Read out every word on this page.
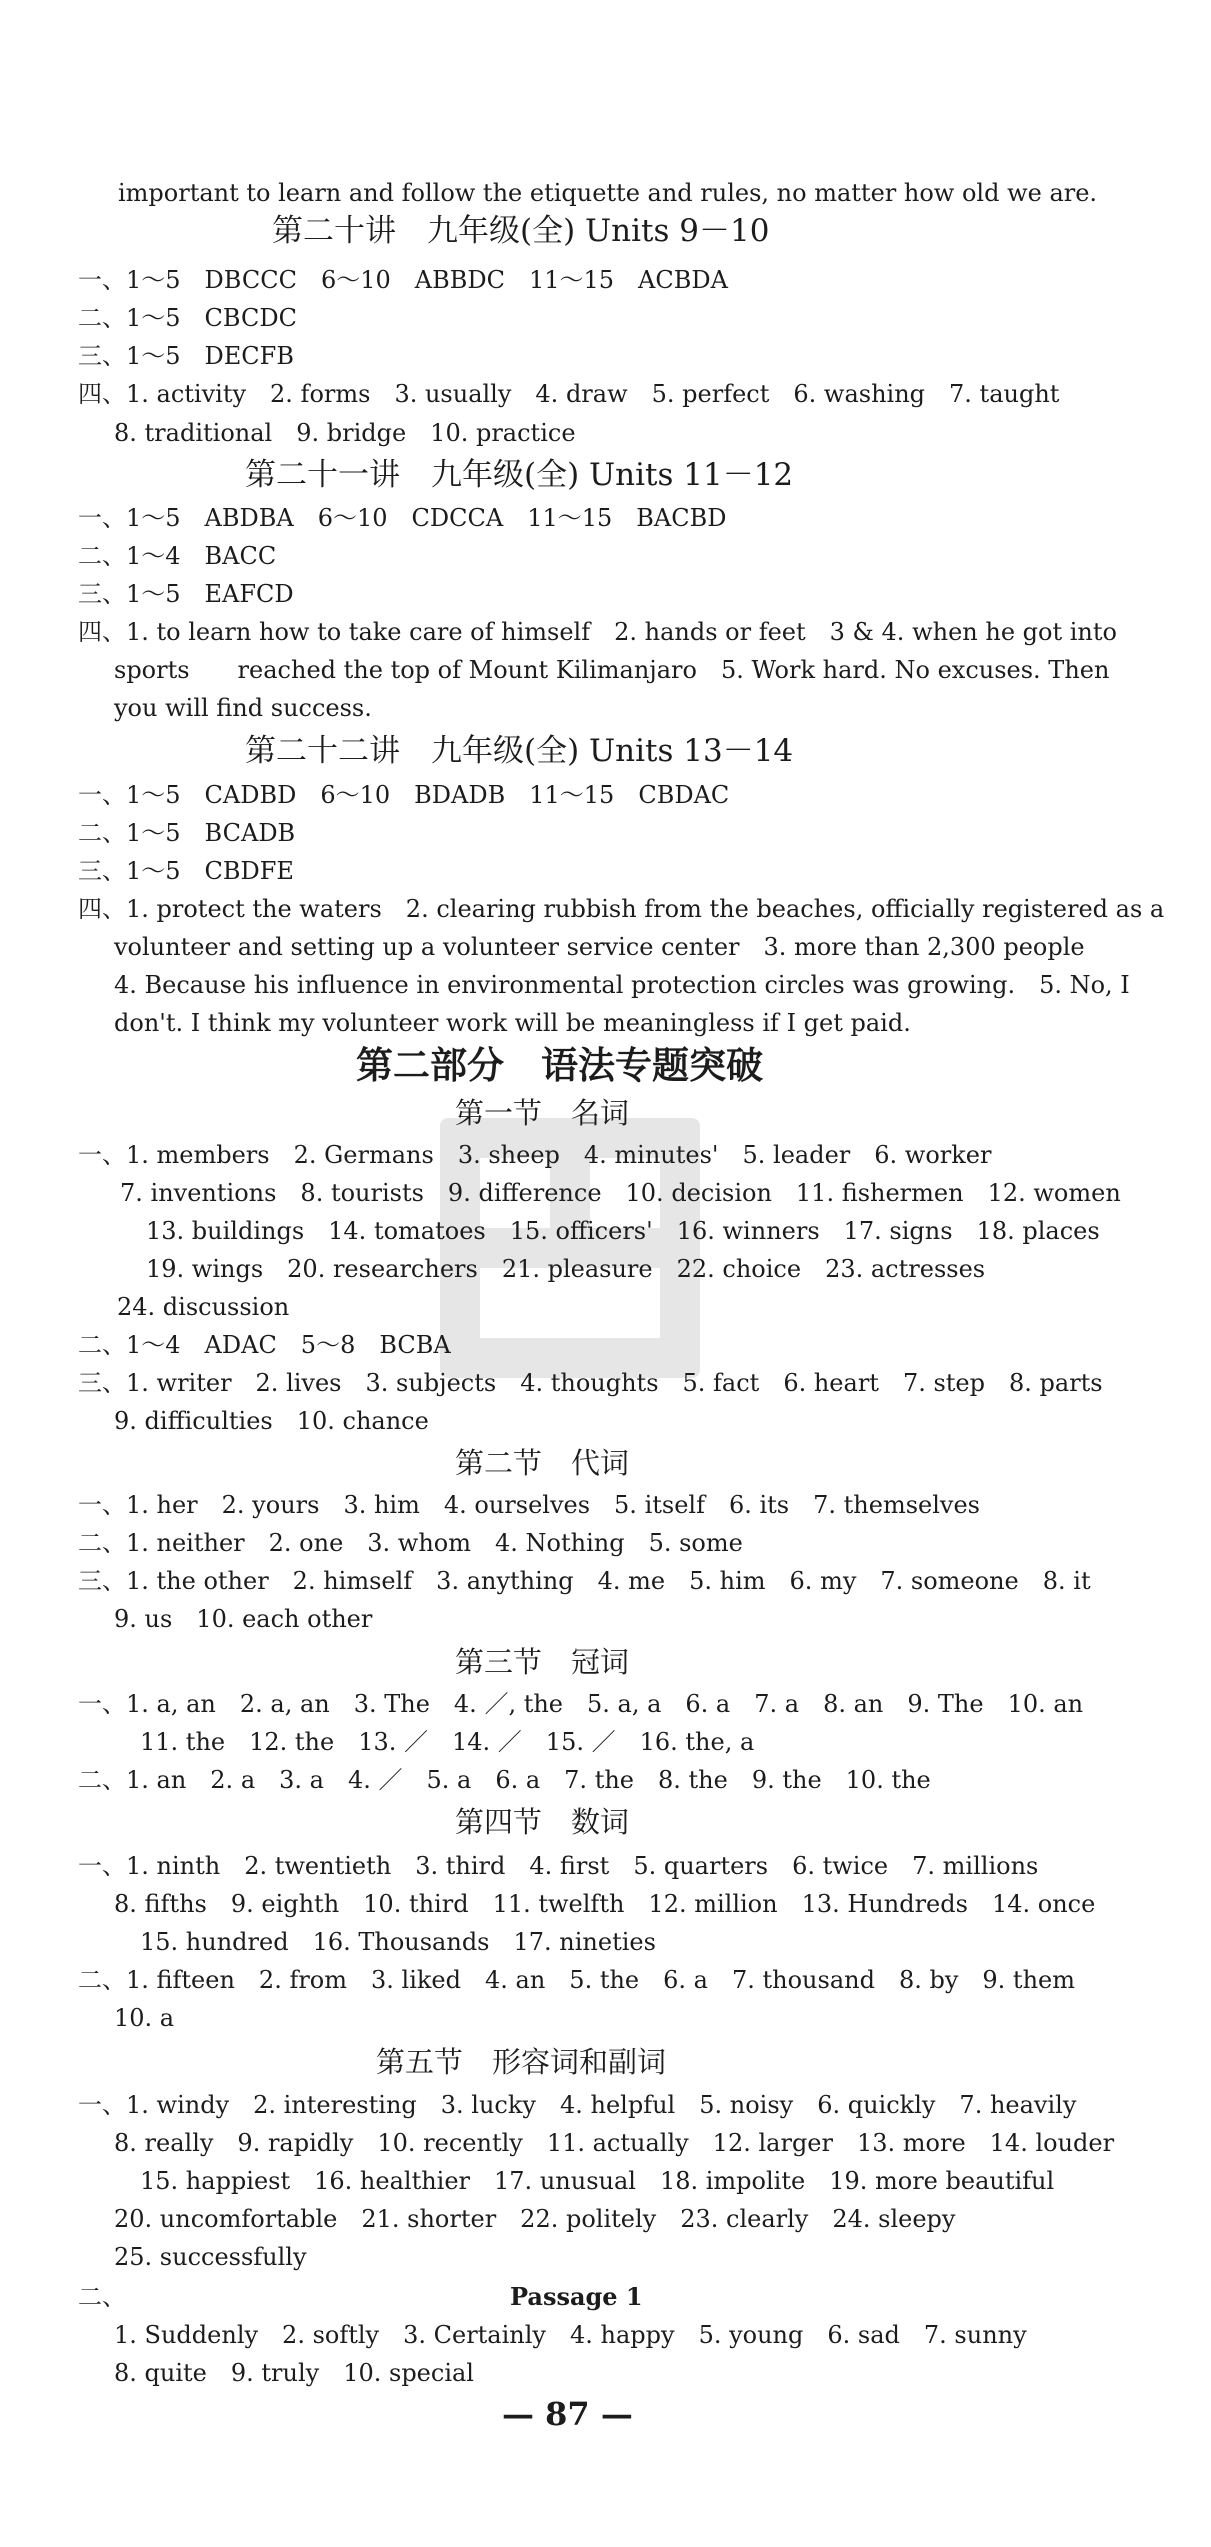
important to learn and follow the etiquette and rules, no matter how old we are.
第二十讲　九年级(全) Units 9－10
一、1～5　DBCCC　6～10　ABBDC　11～15　ACBDA
二、1～5　CBCDC
三、1～5　DECFB
四、1. activity　2. forms　3. usually　4. draw　5. perfect　6. washing　7. taught
8. traditional　9. bridge　10. practice
第二十一讲　九年级(全) Units 11－12
一、1～5　ABDBA　6～10　CDCCA　11～15　BACBD
二、1～4　BACC
三、1～5　EAFCD
四、1. to learn how to take care of himself　2. hands or feet　3 & 4. when he got into
sports　　reached the top of Mount Kilimanjaro　5. Work hard. No excuses. Then
you will find success.
第二十二讲　九年级(全) Units 13－14
一、1～5　CADBD　6～10　BDADB　11～15　CBDAC
二、1～5　BCADB
三、1～5　CBDFE
四、1. protect the waters　2. clearing rubbish from the beaches, officially registered as a
volunteer and setting up a volunteer service center　3. more than 2,300 people
4. Because his influence in environmental protection circles was growing.　5. No, I
don't. I think my volunteer work will be meaningless if I get paid.
第二部分　语法专题突破
第一节　名词
一、1. members　2. Germans　3. sheep　4. minutes'　5. leader　6. worker
7. inventions　8. tourists　9. difference　10. decision　11. fishermen　12. women
13. buildings　14. tomatoes　15. officers'　16. winners　17. signs　18. places
19. wings　20. researchers　21. pleasure　22. choice　23. actresses
24. discussion
二、1～4　ADAC　5～8　BCBA
三、1. writer　2. lives　3. subjects　4. thoughts　5. fact　6. heart　7. step　8. parts
9. difficulties　10. chance
第二节　代词
一、1. her　2. yours　3. him　4. ourselves　5. itself　6. its　7. themselves
二、1. neither　2. one　3. whom　4. Nothing　5. some
三、1. the other　2. himself　3. anything　4. me　5. him　6. my　7. someone　8. it
9. us　10. each other
第三节　冠词
一、1. a, an　2. a, an　3. The　4. ／, the　5. a, a　6. a　7. a　8. an　9. The　10. an
11. the　12. the　13. ／　14. ／　15. ／　16. the, a
二、1. an　2. a　3. a　4. ／　5. a　6. a　7. the　8. the　9. the　10. the
第四节　数词
一、1. ninth　2. twentieth　3. third　4. first　5. quarters　6. twice　7. millions
8. fifths　9. eighth　10. third　11. twelfth　12. million　13. Hundreds　14. once
15. hundred　16. Thousands　17. nineties
二、1. fifteen　2. from　3. liked　4. an　5. the　6. a　7. thousand　8. by　9. them
10. a
第五节　形容词和副词
一、1. windy　2. interesting　3. lucky　4. helpful　5. noisy　6. quickly　7. heavily
8. really　9. rapidly　10. recently　11. actually　12. larger　13. more　14. louder
15. happiest　16. healthier　17. unusual　18. impolite　19. more beautiful
20. uncomfortable　21. shorter　22. politely　23. clearly　24. sleepy
25. successfully
二、	Passage 1
1. Suddenly　2. softly　3. Certainly　4. happy　5. young　6. sad　7. sunny
8. quite　9. truly　10. special
— 87 —
